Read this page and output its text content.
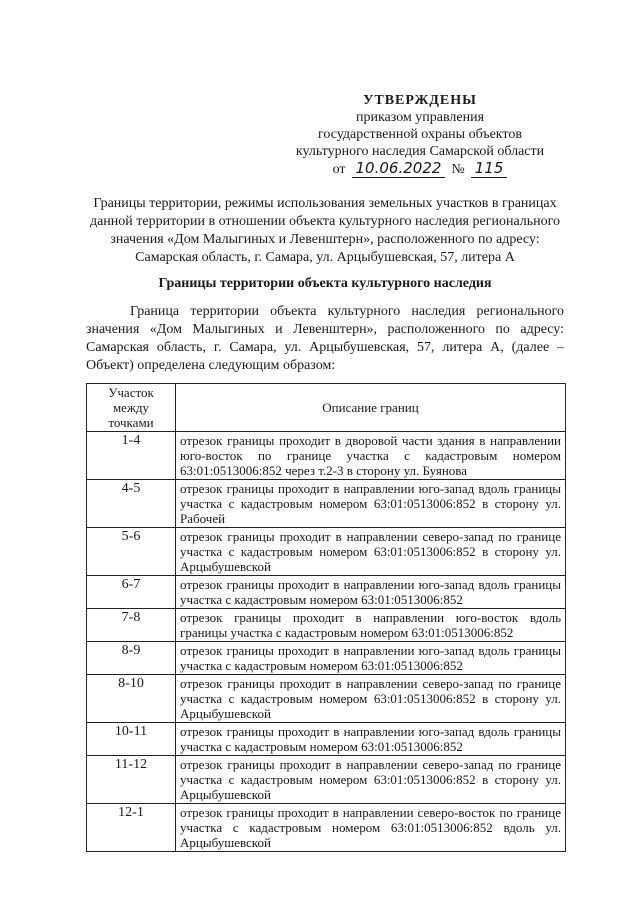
УТВЕРЖДЕНЫ
приказом управления
государственной охраны объектов
культурного наследия Самарской области
от 10.06.2022 № 115
Границы территории, режимы использования земельных участков в границах данной территории в отношении объекта культурного наследия регионального значения «Дом Малыгиных и Левенштерн», расположенного по адресу: Самарская область, г. Самара, ул. Арцыбушевская, 57, литера А
Границы территории объекта культурного наследия
Граница территории объекта культурного наследия регионального значения «Дом Малыгиных и Левенштерн», расположенного по адресу: Самарская область, г. Самара, ул. Арцыбушевская, 57, литера А, (далее – Объект) определена следующим образом:
Участок между точками	Описание границ
1-4	отрезок границы проходит в дворовой части здания в направлении юго-восток по границе участка с кадастровым номером 63:01:0513006:852 через т.2-3 в сторону ул. Буянова
4-5	отрезок границы проходит в направлении юго-запад вдоль границы участка с кадастровым номером 63:01:0513006:852 в сторону ул. Рабочей
5-6	отрезок границы проходит в направлении северо-запад по границе участка с кадастровым номером 63:01:0513006:852 в сторону ул. Арцыбушевской
6-7	отрезок границы проходит в направлении юго-запад вдоль границы участка с кадастровым номером 63:01:0513006:852
7-8	отрезок границы проходит в направлении юго-восток вдоль границы участка с кадастровым номером 63:01:0513006:852
8-9	отрезок границы проходит в направлении юго-запад вдоль границы участка с кадастровым номером 63:01:0513006:852
8-10	отрезок границы проходит в направлении северо-запад по границе участка с кадастровым номером 63:01:0513006:852 в сторону ул. Арцыбушевской
10-11	отрезок границы проходит в направлении юго-запад вдоль границы участка с кадастровым номером 63:01:0513006:852
11-12	отрезок границы проходит в направлении северо-запад по границе участка с кадастровым номером 63:01:0513006:852 в сторону ул. Арцыбушевской
12-1	отрезок границы проходит в направлении северо-восток по границе участка с кадастровым номером 63:01:0513006:852 вдоль ул. Арцыбушевской
